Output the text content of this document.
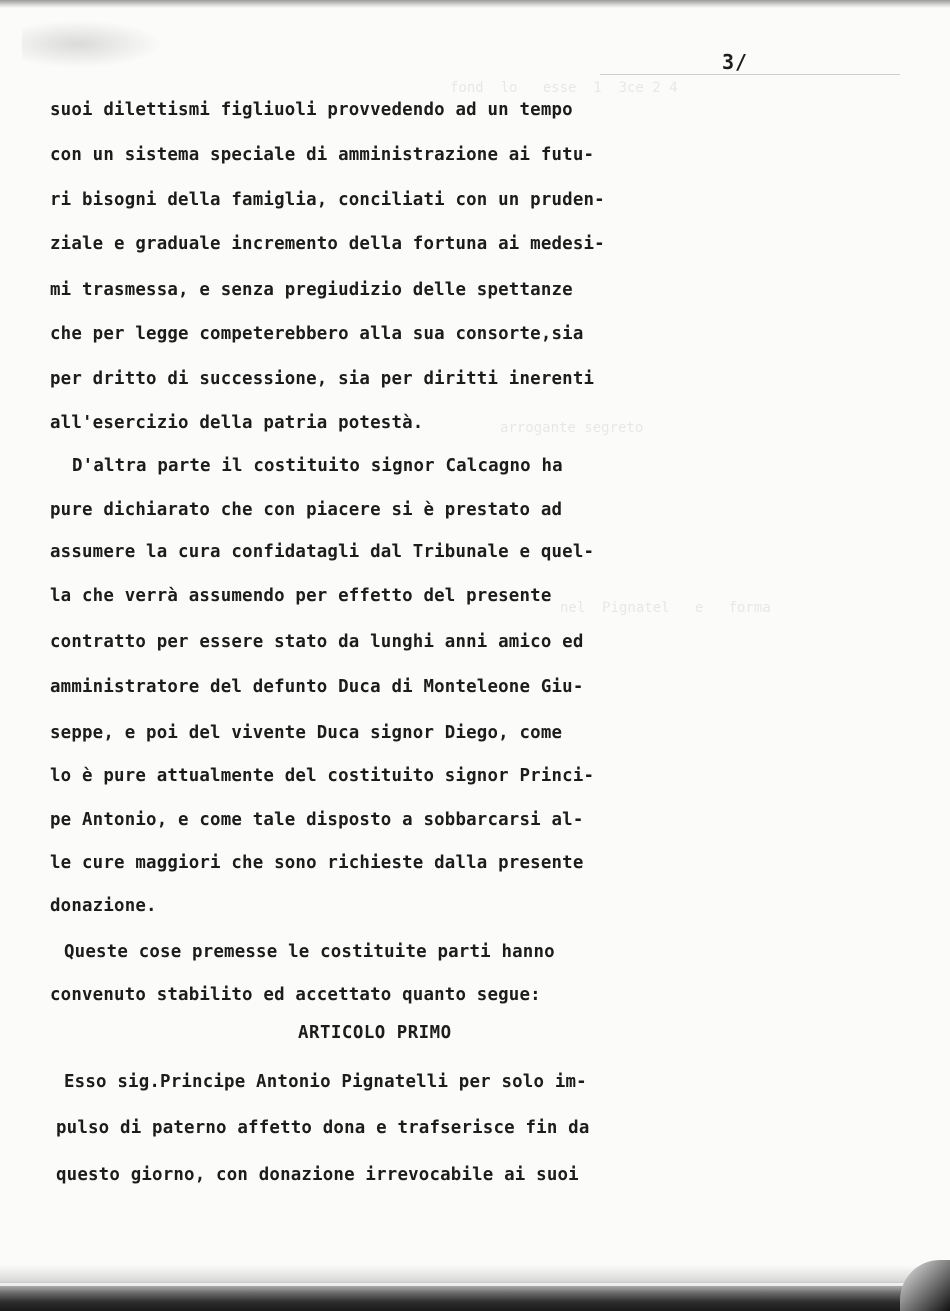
fond  lo   esse  1  3ce 2 4
arrogante segreto
nel  Pignatel   e   forma
3/
suoi dilettismi figliuoli provvedendo ad un tempo
con un sistema speciale di amministrazione ai futu-
ri bisogni della famiglia, conciliati con un pruden-
ziale e graduale incremento della fortuna ai medesi-
mi trasmessa, e senza pregiudizio delle spettanze
che per legge competerebbero alla sua consorte,sia
per dritto di successione, sia per diritti inerenti
all'esercizio della patria potestà.
D'altra parte il costituito signor Calcagno ha
pure dichiarato che con piacere si è prestato ad
assumere la cura confidatagli dal Tribunale e quel-
la che verrà assumendo per effetto del presente
contratto per essere stato da lunghi anni amico ed
amministratore del defunto Duca di Monteleone Giu-
seppe, e poi del vivente Duca signor Diego, come
lo è pure attualmente del costituito signor Princi-
pe Antonio, e come tale disposto a sobbarcarsi al-
le cure maggiori che sono richieste dalla presente
donazione.
Queste cose premesse le costituite parti hanno
convenuto stabilito ed accettato quanto segue:
ARTICOLO PRIMO
Esso sig.Principe Antonio Pignatelli per solo im-
pulso di paterno affetto dona e trafserisce fin da
questo giorno, con donazione irrevocabile ai suoi
